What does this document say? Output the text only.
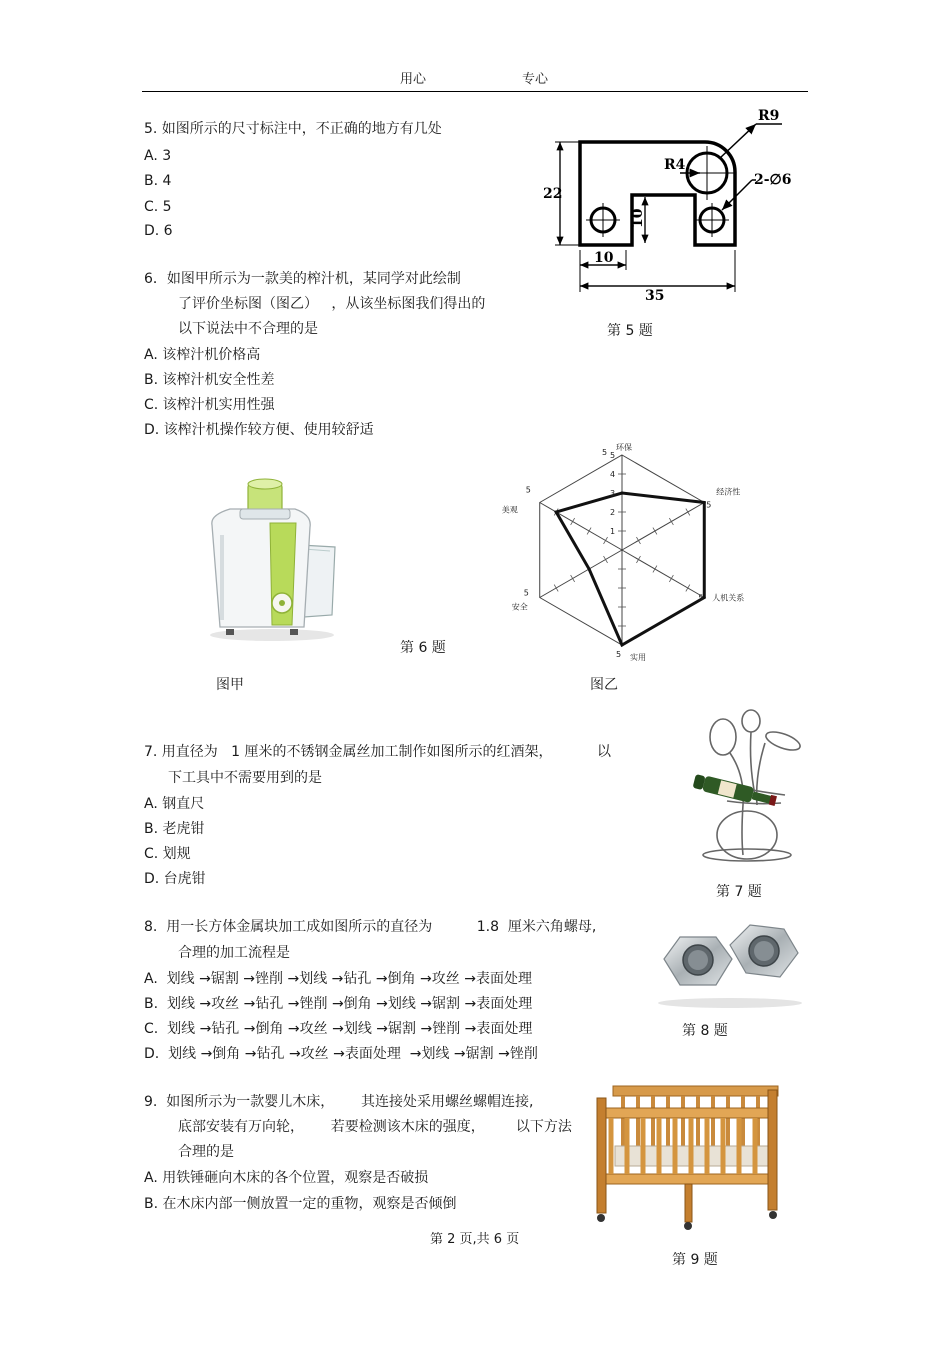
用心	专心
5. 如图所示的尺寸标注中，不正确的地方有几处
A. 3
B. 4
C. 5
D. 6
R9
R4
2-∅6
22
10
10
35
第 5 题
6．如图甲所示为一款美的榨汁机，某同学对此绘制
了评价坐标图（图乙）   ，从该坐标图我们得出的
以下说法中不合理的是
A. 该榨汁机价格高
B. 该榨汁机安全性差
C. 该榨汁机实用性强
D. 该榨汁机操作较方便、使用较舒适
第 6 题
图甲	图乙
1
2
3
4
5
环保
5
经济性
5
人机关系
5
实用
5
安全
5
美观
5
7. 用直径为   1 厘米的不锈钢金属丝加工制作如图所示的红酒架，          以
下工具中不需要用到的是
A. 钢直尺
B. 老虎钳
C. 划规
D. 台虎钳
第 7 题
8.  用一长方体金属块加工成如图所示的直径为          1.8  厘米六角螺母,
合理的加工流程是
A.  划线 →锯割 →锉削 →划线 →钻孔 →倒角 →攻丝 →表面处理
B.  划线 →攻丝 →钻孔 →锉削 →倒角 →划线 →锯割 →表面处理
C.  划线 →钻孔 →倒角 →攻丝 →划线 →锯割 →锉削 →表面处理
D.  划线 →倒角 →钻孔 →攻丝 →表面处理  →划线 →锯割 →锉削
第 8 题
9.  如图所示为一款婴儿木床，      其连接处采用螺丝螺帽连接,
底部安装有万向轮，      若要检测该木床的强度，       以下方法
合理的是
A. 用铁锤砸向木床的各个位置，观察是否破损
B. 在木床内部一侧放置一定的重物，观察是否倾倒
第 9 题
第 2 页,共 6 页
